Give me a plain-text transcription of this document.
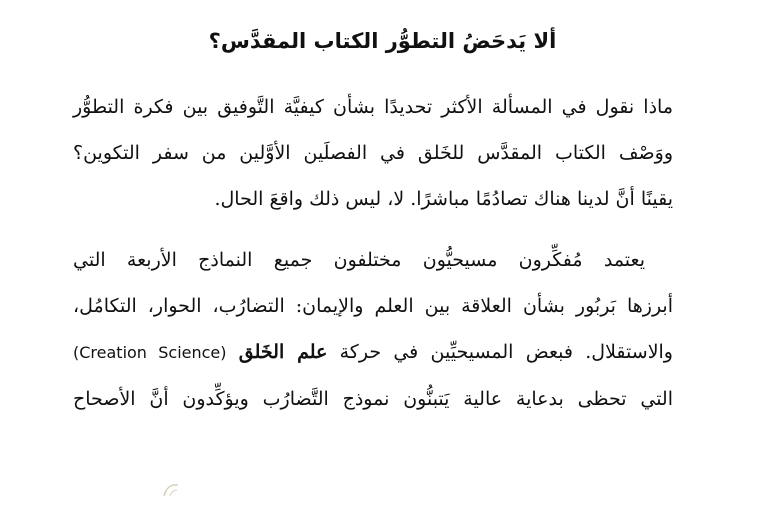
ألا يَدحَضُ التطوُّر الكتاب المقدَّس؟

ماذا نقول في المسألة الأكثر تحديدًا بشأن كيفيَّة التَّوفيق بين فكرة التطوُّر
ووَصْف الكتاب المقدَّس للخَلق في الفصلَين الأوَّلين من سفر التكوين؟
يقينًا أنَّ لدينا هناك تصادُمًا مباشرًا. لا، ليس ذلك واقعَ الحال.

يعتمد مُفكِّرون مسيحيُّون مختلفون جميع النماذج الأربعة التي
أبرزها بَربُور بشأن العلاقة بين العلم والإيمان: التضارُب، الحوار، التكامُل،
والاستقلال. فبعض المسيحيِّين في حركة علم الخَلق (Creation Science)
التي تحظى بدعاية عالية يَتبنُّون نموذج التَّضارُب ويؤكِّدون أنَّ الأصحاح
